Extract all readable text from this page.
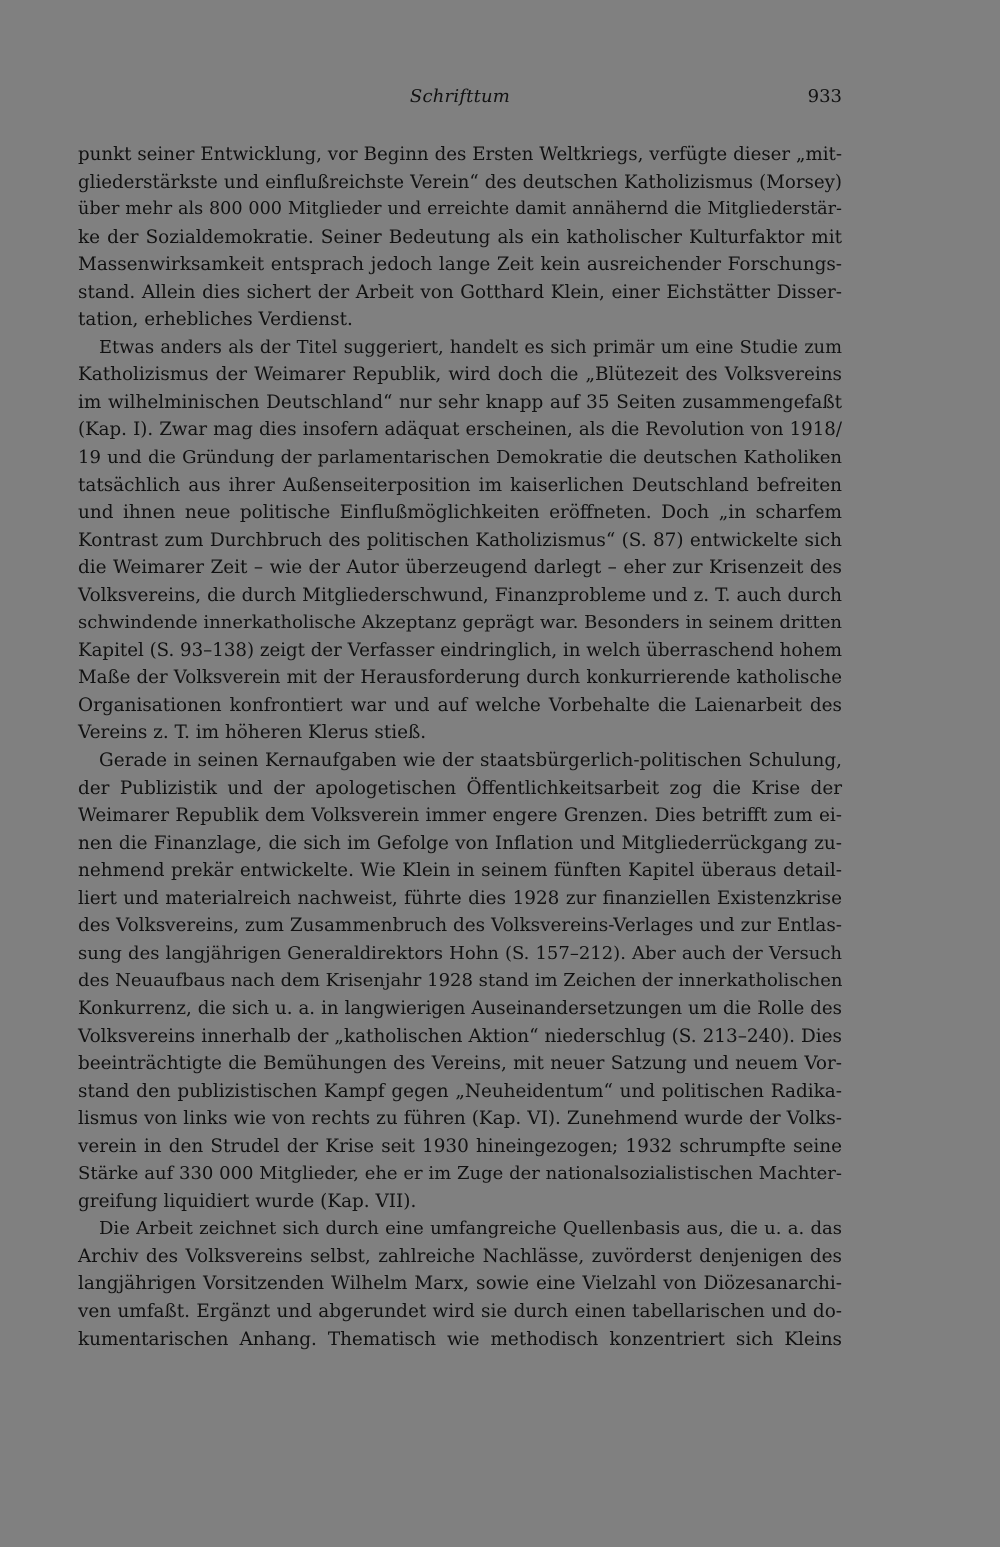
Schrifttum	933
punkt seiner Entwicklung, vor Beginn des Ersten Weltkriegs, verfügte dieser „mit-
gliederstärkste und einflußreichste Verein“ des deutschen Katholizismus (Morsey)
über mehr als 800 000 Mitglieder und erreichte damit annähernd die Mitgliederstär-
ke der Sozialdemokratie. Seiner Bedeutung als ein katholischer Kulturfaktor mit
Massenwirksamkeit entsprach jedoch lange Zeit kein ausreichender Forschungs-
stand. Allein dies sichert der Arbeit von Gotthard Klein, einer Eichstätter Disser-
tation, erhebliches Verdienst.
Etwas anders als der Titel suggeriert, handelt es sich primär um eine Studie zum
Katholizismus der Weimarer Republik, wird doch die „Blütezeit des Volksvereins
im wilhelminischen Deutschland“ nur sehr knapp auf 35 Seiten zusammengefaßt
(Kap. I). Zwar mag dies insofern adäquat erscheinen, als die Revolution von 1918/
19 und die Gründung der parlamentarischen Demokratie die deutschen Katholiken
tatsächlich aus ihrer Außenseiterposition im kaiserlichen Deutschland befreiten
und ihnen neue politische Einflußmöglichkeiten eröffneten. Doch „in scharfem
Kontrast zum Durchbruch des politischen Katholizismus“ (S. 87) entwickelte sich
die Weimarer Zeit – wie der Autor überzeugend darlegt – eher zur Krisenzeit des
Volksvereins, die durch Mitgliederschwund, Finanzprobleme und z. T. auch durch
schwindende innerkatholische Akzeptanz geprägt war. Besonders in seinem dritten
Kapitel (S. 93–138) zeigt der Verfasser eindringlich, in welch überraschend hohem
Maße der Volksverein mit der Herausforderung durch konkurrierende katholische
Organisationen konfrontiert war und auf welche Vorbehalte die Laienarbeit des
Vereins z. T. im höheren Klerus stieß.
Gerade in seinen Kernaufgaben wie der staatsbürgerlich-politischen Schulung,
der Publizistik und der apologetischen Öffentlichkeitsarbeit zog die Krise der
Weimarer Republik dem Volksverein immer engere Grenzen. Dies betrifft zum ei-
nen die Finanzlage, die sich im Gefolge von Inflation und Mitgliederrückgang zu-
nehmend prekär entwickelte. Wie Klein in seinem fünften Kapitel überaus detail-
liert und materialreich nachweist, führte dies 1928 zur finanziellen Existenzkrise
des Volksvereins, zum Zusammenbruch des Volksvereins-Verlages und zur Entlas-
sung des langjährigen Generaldirektors Hohn (S. 157–212). Aber auch der Versuch
des Neuaufbaus nach dem Krisenjahr 1928 stand im Zeichen der innerkatholischen
Konkurrenz, die sich u. a. in langwierigen Auseinandersetzungen um die Rolle des
Volksvereins innerhalb der „katholischen Aktion“ niederschlug (S. 213–240). Dies
beeinträchtigte die Bemühungen des Vereins, mit neuer Satzung und neuem Vor-
stand den publizistischen Kampf gegen „Neuheidentum“ und politischen Radika-
lismus von links wie von rechts zu führen (Kap. VI). Zunehmend wurde der Volks-
verein in den Strudel der Krise seit 1930 hineingezogen; 1932 schrumpfte seine
Stärke auf 330 000 Mitglieder, ehe er im Zuge der nationalsozialistischen Machter-
greifung liquidiert wurde (Kap. VII).
Die Arbeit zeichnet sich durch eine umfangreiche Quellenbasis aus, die u. a. das
Archiv des Volksvereins selbst, zahlreiche Nachlässe, zuvörderst denjenigen des
langjährigen Vorsitzenden Wilhelm Marx, sowie eine Vielzahl von Diözesanarchi-
ven umfaßt. Ergänzt und abgerundet wird sie durch einen tabellarischen und do-
kumentarischen Anhang. Thematisch wie methodisch konzentriert sich Kleins
